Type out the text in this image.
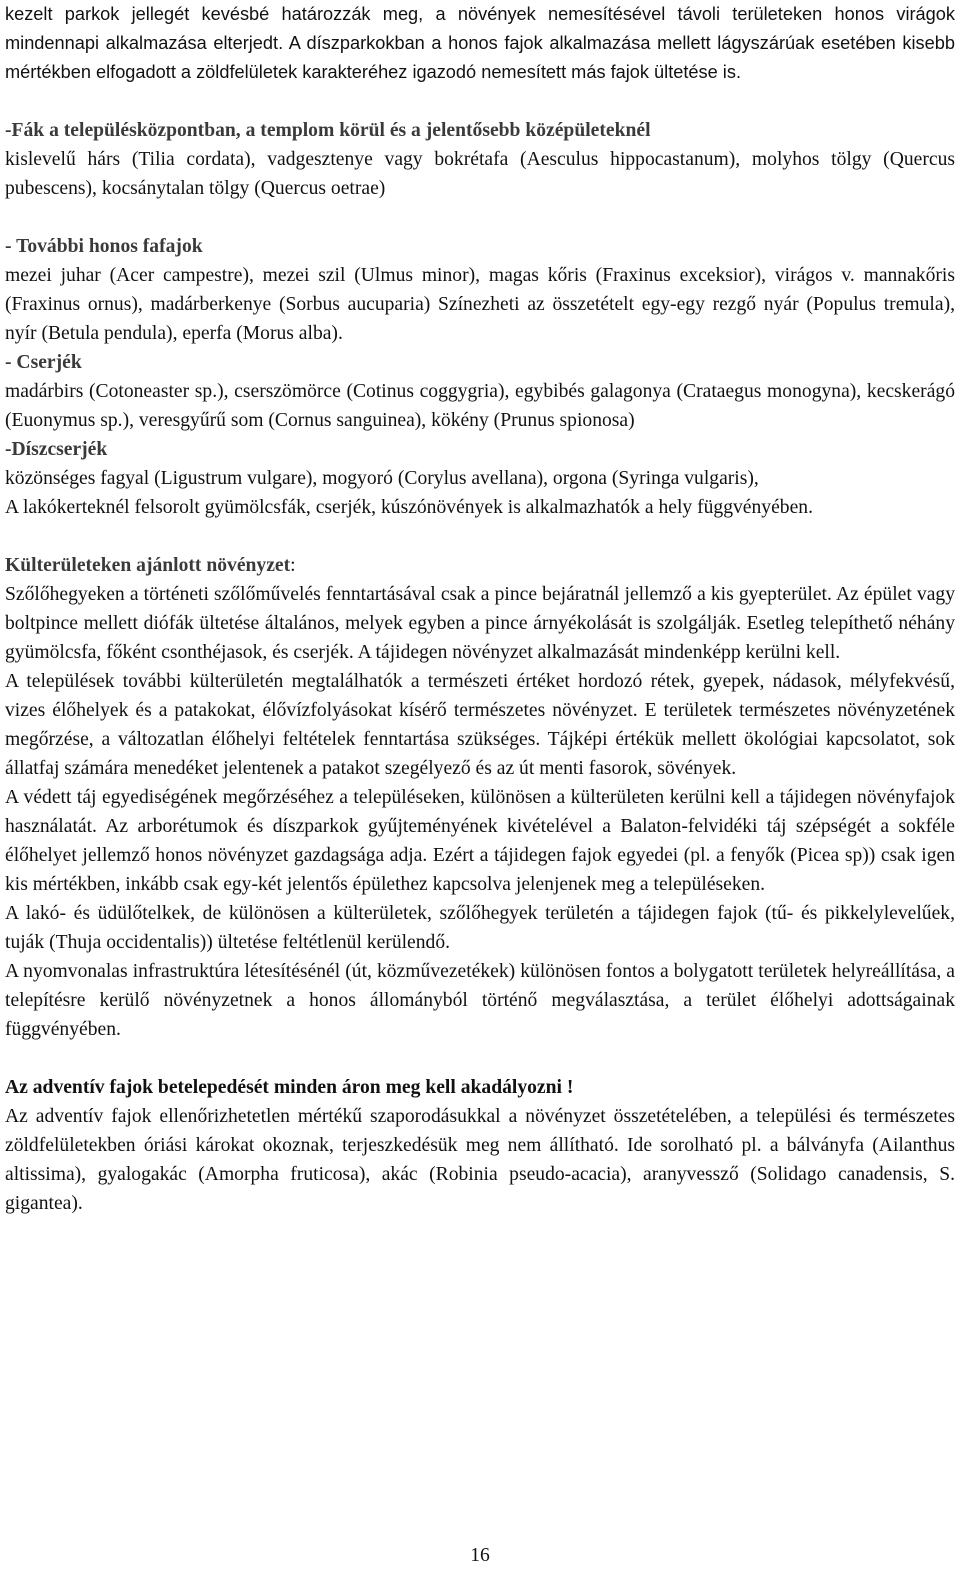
kezelt parkok jellegét kevésbé határozzák meg, a növények nemesítésével távoli területeken honos virágok mindennapi alkalmazása elterjedt. A díszparkokban a honos fajok alkalmazása mellett lágyszárúak esetében kisebb mértékben elfogadott a zöldfelületek karakteréhez igazodó nemesített más fajok ültetése is.

-Fák a településközpontban, a templom körül és a jelentősebb középületeknél

kislevelű hárs (Tilia cordata), vadgesztenye vagy bokrétafa (Aesculus hippocastanum), molyhos tölgy (Quercus pubescens), kocsánytalan tölgy (Quercus oetrae)

- További honos fafajok

mezei juhar (Acer campestre), mezei szil (Ulmus minor), magas kőris (Fraxinus exceksior), virágos v. mannakőris (Fraxinus ornus), madárberkenye (Sorbus aucuparia) Színezheti az összetételt egy-egy rezgő nyár (Populus tremula), nyír (Betula pendula), eperfa (Morus alba).

- Cserjék

madárbirs (Cotoneaster sp.), cserszömörce (Cotinus coggygria), egybibés galagonya (Crataegus monogyna), kecskerágó (Euonymus sp.), veresgyűrű som (Cornus sanguinea), kökény (Prunus spionosa)

-Díszcserjék

közönséges fagyal (Ligustrum vulgare), mogyoró (Corylus avellana), orgona (Syringa vulgaris),

A lakókerteknél felsorolt gyümölcsfák, cserjék, kúszónövények is alkalmazhatók a hely függvényében.

Külterületeken ajánlott növényzet:

Szőlőhegyeken a történeti szőlőművelés fenntartásával csak a pince bejáratnál jellemző a kis gyepterület. Az épület vagy boltpince mellett diófák ültetése általános, melyek egyben a pince árnyékolását is szolgálják. Esetleg telepíthető néhány gyümölcsfa, főként csonthéjasok, és cserjék. A tájidegen növényzet alkalmazását mindenképp kerülni kell.

A települések további külterületén megtalálhatók a természeti értéket hordozó rétek, gyepek, nádasok, mélyfekvésű, vizes élőhelyek és a patakokat, élővízfolyásokat kísérő természetes növényzet. E területek természetes növényzetének megőrzése, a változatlan élőhelyi feltételek fenntartása szükséges. Tájképi értékük mellett ökológiai kapcsolatot, sok állatfaj számára menedéket jelentenek a patakot szegélyező és az út menti fasorok, sövények.

A védett táj egyediségének megőrzéséhez a településeken, különösen a külterületen kerülni kell a tájidegen növényfajok használatát. Az arborétumok és díszparkok gyűjteményének kivételével a Balaton-felvidéki táj szépségét a sokféle élőhelyet jellemző honos növényzet gazdagsága adja. Ezért a tájidegen fajok egyedei (pl. a fenyők (Picea sp)) csak igen kis mértékben, inkább csak egy-két jelentős épülethez kapcsolva jelenjenek meg a településeken.

A lakó- és üdülőtelkek, de különösen a külterületek, szőlőhegyek területén a tájidegen fajok (tű- és pikkelylevelűek, tuják (Thuja occidentalis)) ültetése feltétlenül kerülendő.

A nyomvonalas infrastruktúra létesítésénél (út, közművezetékek) különösen fontos a bolygatott területek helyreállítása, a telepítésre kerülő növényzetnek a honos állományból történő megválasztása, a terület élőhelyi adottságainak függvényében.

Az adventív fajok betelepedését minden áron meg kell akadályozni !

Az adventív fajok ellenőrizhetetlen mértékű szaporodásukkal a növényzet összetételében, a települési és természetes zöldfelületekben óriási károkat okoznak, terjeszkedésük meg nem állítható. Ide sorolható pl. a bálványfa (Ailanthus altissima), gyalogakác (Amorpha fruticosa), akác (Robinia pseudo-acacia), aranyvessző (Solidago canadensis, S. gigantea).

16
